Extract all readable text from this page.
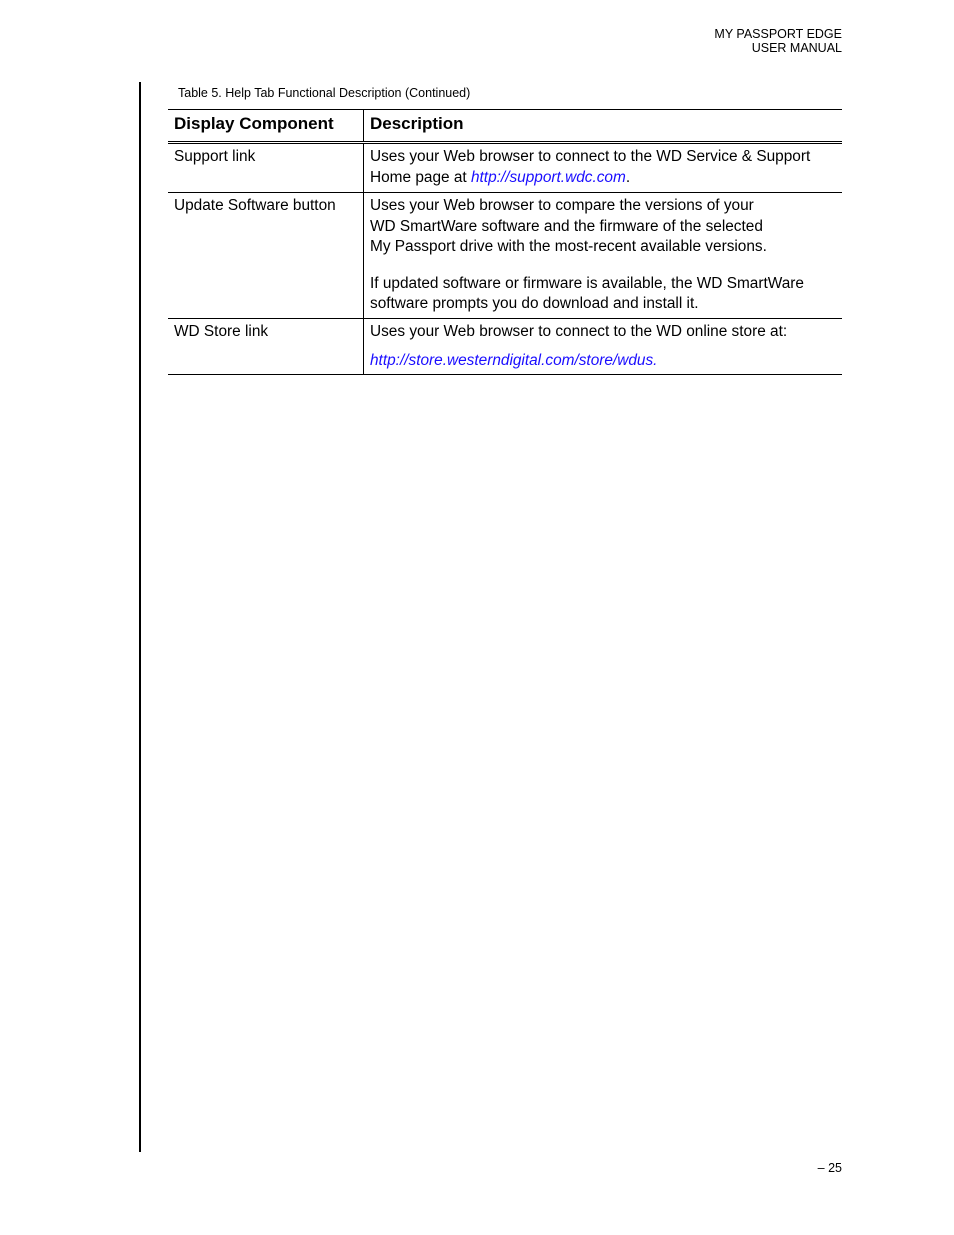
MY PASSPORT EDGE
USER MANUAL
Table 5. Help Tab Functional Description (Continued)
Display Component	Description
Support link	Uses your Web browser to connect to the WD Service & Support Home page at http://support.wdc.com.
Update Software button	Uses your Web browser to compare the versions of your
WD SmartWare software and the firmware of the selected
My Passport drive with the most-recent available versions.
If updated software or firmware is available, the WD SmartWare software prompts you do download and install it.
WD Store link	Uses your Web browser to connect to the WD online store at:
http://store.westerndigital.com/store/wdus.
– 25
